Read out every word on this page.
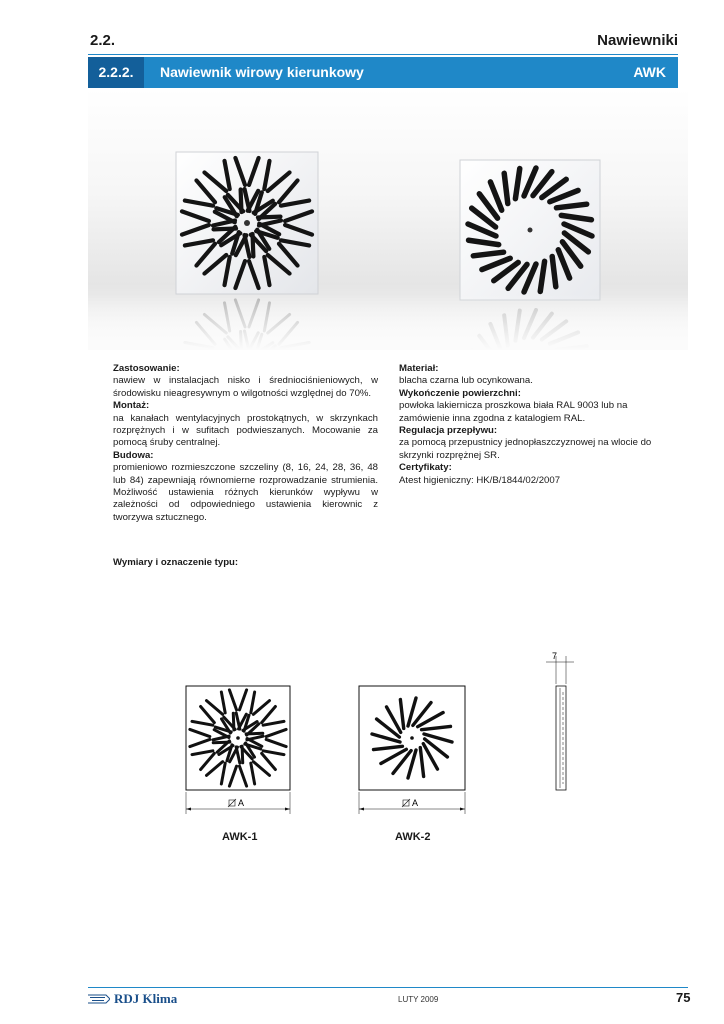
2.2.	Nawiewniki
2.2.2.	Nawiewnik wirowy kierunkowy	AWK
Zastosowanie:
nawiew w instalacjach nisko i średniociśnieniowych, w środowisku nieagresywnym o wilgotności względnej do 70%.
Montaż:
na kanałach wentylacyjnych prostokątnych, w skrzynkach rozprężnych i w sufitach podwieszanych. Mocowanie za pomocą śruby centralnej.
Budowa:
promieniowo rozmieszczone szczeliny (8, 16, 24, 28, 36, 48 lub 84) zapewniają równomierne rozprowadzanie strumienia. Możliwość ustawienia różnych kierunków wypływu w zależności od odpowiedniego ustawienia kierownic z tworzywa sztucznego.
Materiał:
blacha czarna lub ocynkowana.
Wykończenie powierzchni:
powłoka lakiernicza proszkowa biała RAL 9003 lub na zamówienie inna zgodna z katalogiem RAL.
Regulacja przepływu:
za pomocą przepustnicy jednopłaszczyznowej na wlocie do skrzynki rozprężnej SR.
Certyfikaty:
Atest higieniczny: HK/B/1844/02/2007
Wymiary i oznaczenie typu:
A	A
7
AWK-1	AWK-2
RDJ Klima	LUTY 2009	75
